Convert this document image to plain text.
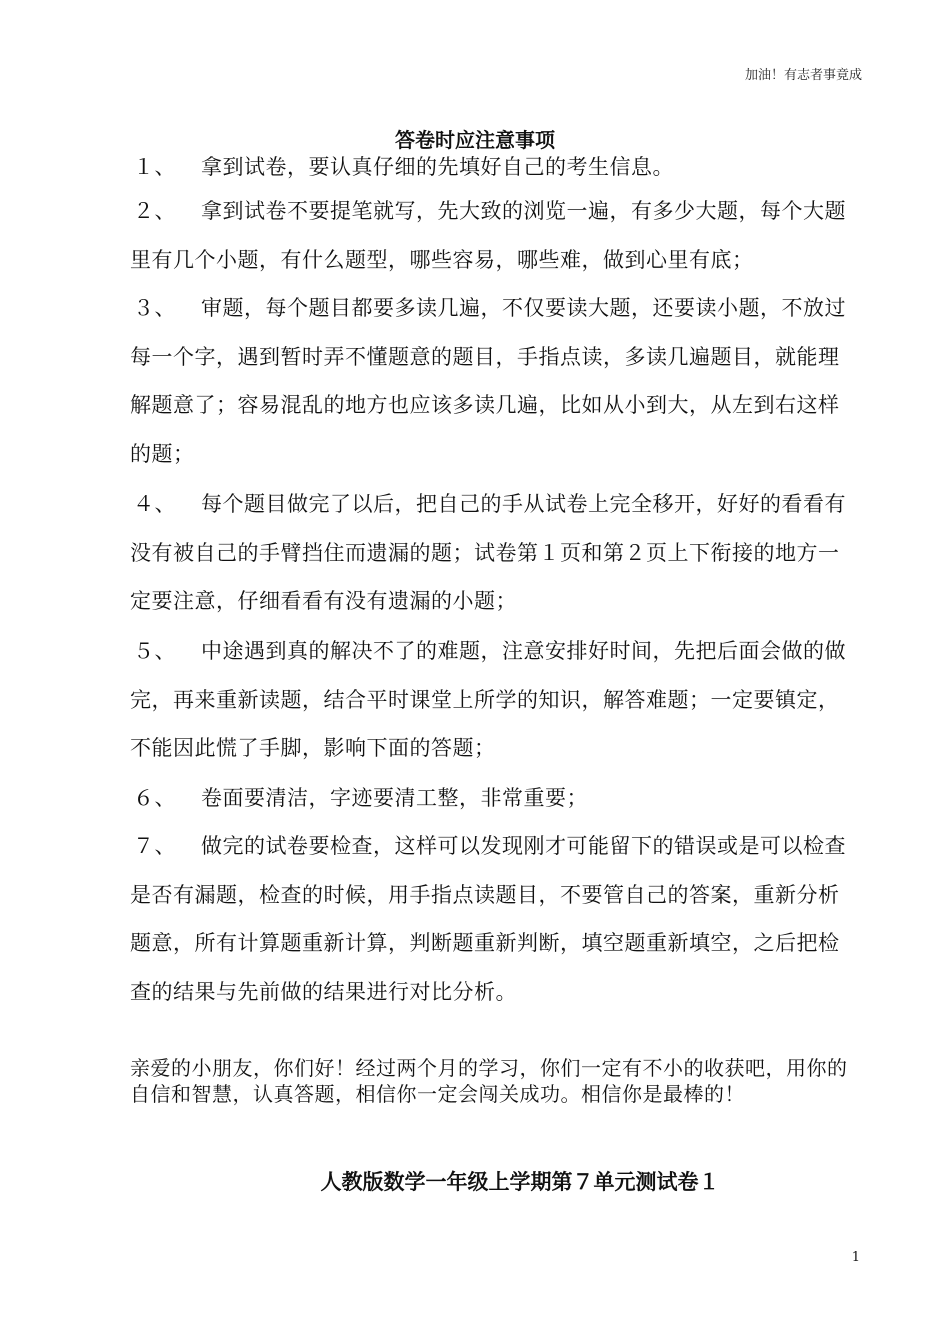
加油！有志者事竟成
答卷时应注意事项
１、 拿到试卷，要认真仔细的先填好自己的考生信息。
２、 拿到试卷不要提笔就写，先大致的浏览一遍，有多少大题，每个大题里有几个小题，有什么题型，哪些容易，哪些难，做到心里有底；
３、 审题，每个题目都要多读几遍，不仅要读大题，还要读小题，不放过每一个字，遇到暂时弄不懂题意的题目，手指点读，多读几遍题目，就能理解题意了；容易混乱的地方也应该多读几遍，比如从小到大，从左到右这样的题；
４、 每个题目做完了以后，把自己的手从试卷上完全移开，好好的看看有没有被自己的手臂挡住而遗漏的题；试卷第１页和第２页上下衔接的地方一定要注意，仔细看看有没有遗漏的小题；
５、 中途遇到真的解决不了的难题，注意安排好时间，先把后面会做的做完，再来重新读题，结合平时课堂上所学的知识，解答难题；一定要镇定，不能因此慌了手脚，影响下面的答题；
６、 卷面要清洁，字迹要清工整，非常重要；
７、 做完的试卷要检查，这样可以发现刚才可能留下的错误或是可以检查是否有漏题，检查的时候，用手指点读题目，不要管自己的答案，重新分析题意，所有计算题重新计算，判断题重新判断，填空题重新填空，之后把检查的结果与先前做的结果进行对比分析。
亲爱的小朋友，你们好！经过两个月的学习，你们一定有不小的收获吧，用你的自信和智慧，认真答题，相信你一定会闯关成功。相信你是最棒的！
人教版数学一年级上学期第７单元测试卷１
1
